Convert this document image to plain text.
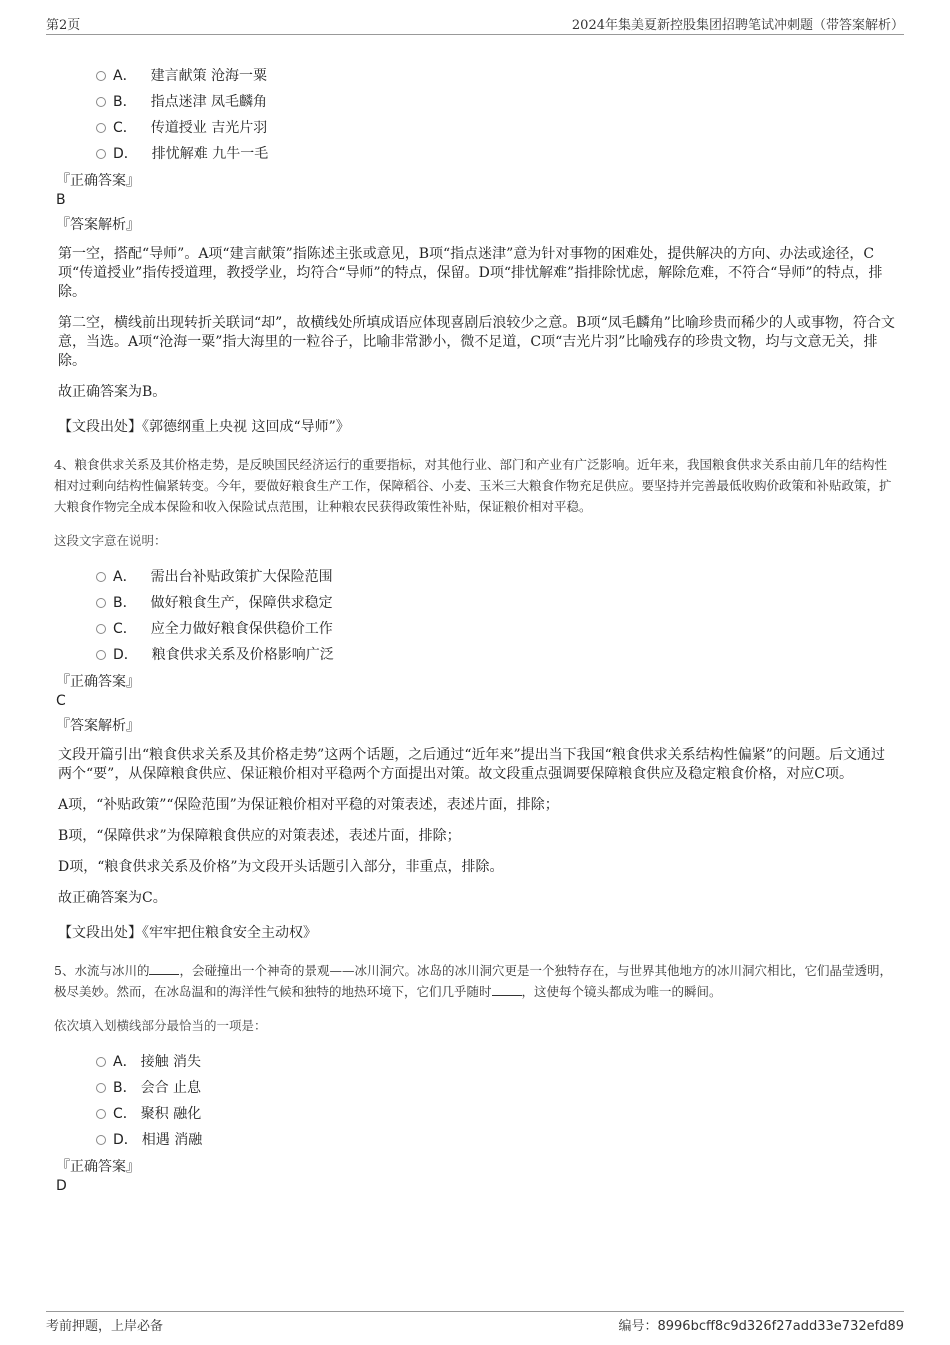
第2页	2024年集美夏新控股集团招聘笔试冲刺题（带答案解析）
A． 建言献策 沧海一粟
B． 指点迷津 凤毛麟角
C． 传道授业 吉光片羽
D． 排忧解难 九牛一毛
『正确答案』
B
『答案解析』
第一空，搭配“导师”。A项“建言献策”指陈述主张或意见，B项“指点迷津”意为针对事物的困难处，提供解决的方向、办法或途径，C项“传道授业”指传授道理，教授学业，均符合“导师”的特点，保留。D项“排忧解难”指排除忧虑，解除危难，不符合“导师”的特点，排除。
第二空，横线前出现转折关联词“却”，故横线处所填成语应体现喜剧后浪较少之意。B项“凤毛麟角”比喻珍贵而稀少的人或事物，符合文意，当选。A项“沧海一粟”指大海里的一粒谷子，比喻非常渺小，微不足道，C项“吉光片羽”比喻残存的珍贵文物，均与文意无关，排除。
故正确答案为B。
【文段出处】《郭德纲重上央视 这回成“导师”》
4、粮食供求关系及其价格走势，是反映国民经济运行的重要指标，对其他行业、部门和产业有广泛影响。近年来，我国粮食供求关系由前几年的结构性相对过剩向结构性偏紧转变。今年，要做好粮食生产工作，保障稻谷、小麦、玉米三大粮食作物充足供应。要坚持并完善最低收购价政策和补贴政策，扩大粮食作物完全成本保险和收入保险试点范围，让种粮农民获得政策性补贴，保证粮价相对平稳。
这段文字意在说明：
A． 需出台补贴政策扩大保险范围
B． 做好粮食生产，保障供求稳定
C． 应全力做好粮食保供稳价工作
D． 粮食供求关系及价格影响广泛
『正确答案』
C
『答案解析』
文段开篇引出“粮食供求关系及其价格走势”这两个话题，之后通过“近年来”提出当下我国“粮食供求关系结构性偏紧”的问题。后文通过两个“要”，从保障粮食供应、保证粮价相对平稳两个方面提出对策。故文段重点强调要保障粮食供应及稳定粮食价格，对应C项。
A项，“补贴政策”“保险范围”为保证粮价相对平稳的对策表述，表述片面，排除；
B项，“保障供求”为保障粮食供应的对策表述，表述片面，排除；
D项，“粮食供求关系及价格”为文段开头话题引入部分，非重点，排除。
故正确答案为C。
【文段出处】《牢牢把住粮食安全主动权》
5、水流与冰川的 ，会碰撞出一个神奇的景观——冰川洞穴。冰岛的冰川洞穴更是一个独特存在，与世界其他地方的冰川洞穴相比，它们晶莹透明，极尽美妙。然而，在冰岛温和的海洋性气候和独特的地热环境下，它们几乎随时 ，这使每个镜头都成为唯一的瞬间。
依次填入划横线部分最恰当的一项是：
A． 接触 消失
B． 会合 止息
C． 聚积 融化
D． 相遇 消融
『正确答案』
D
考前押题，上岸必备	编号：8996bcff8c9d326f27add33e732efd89
